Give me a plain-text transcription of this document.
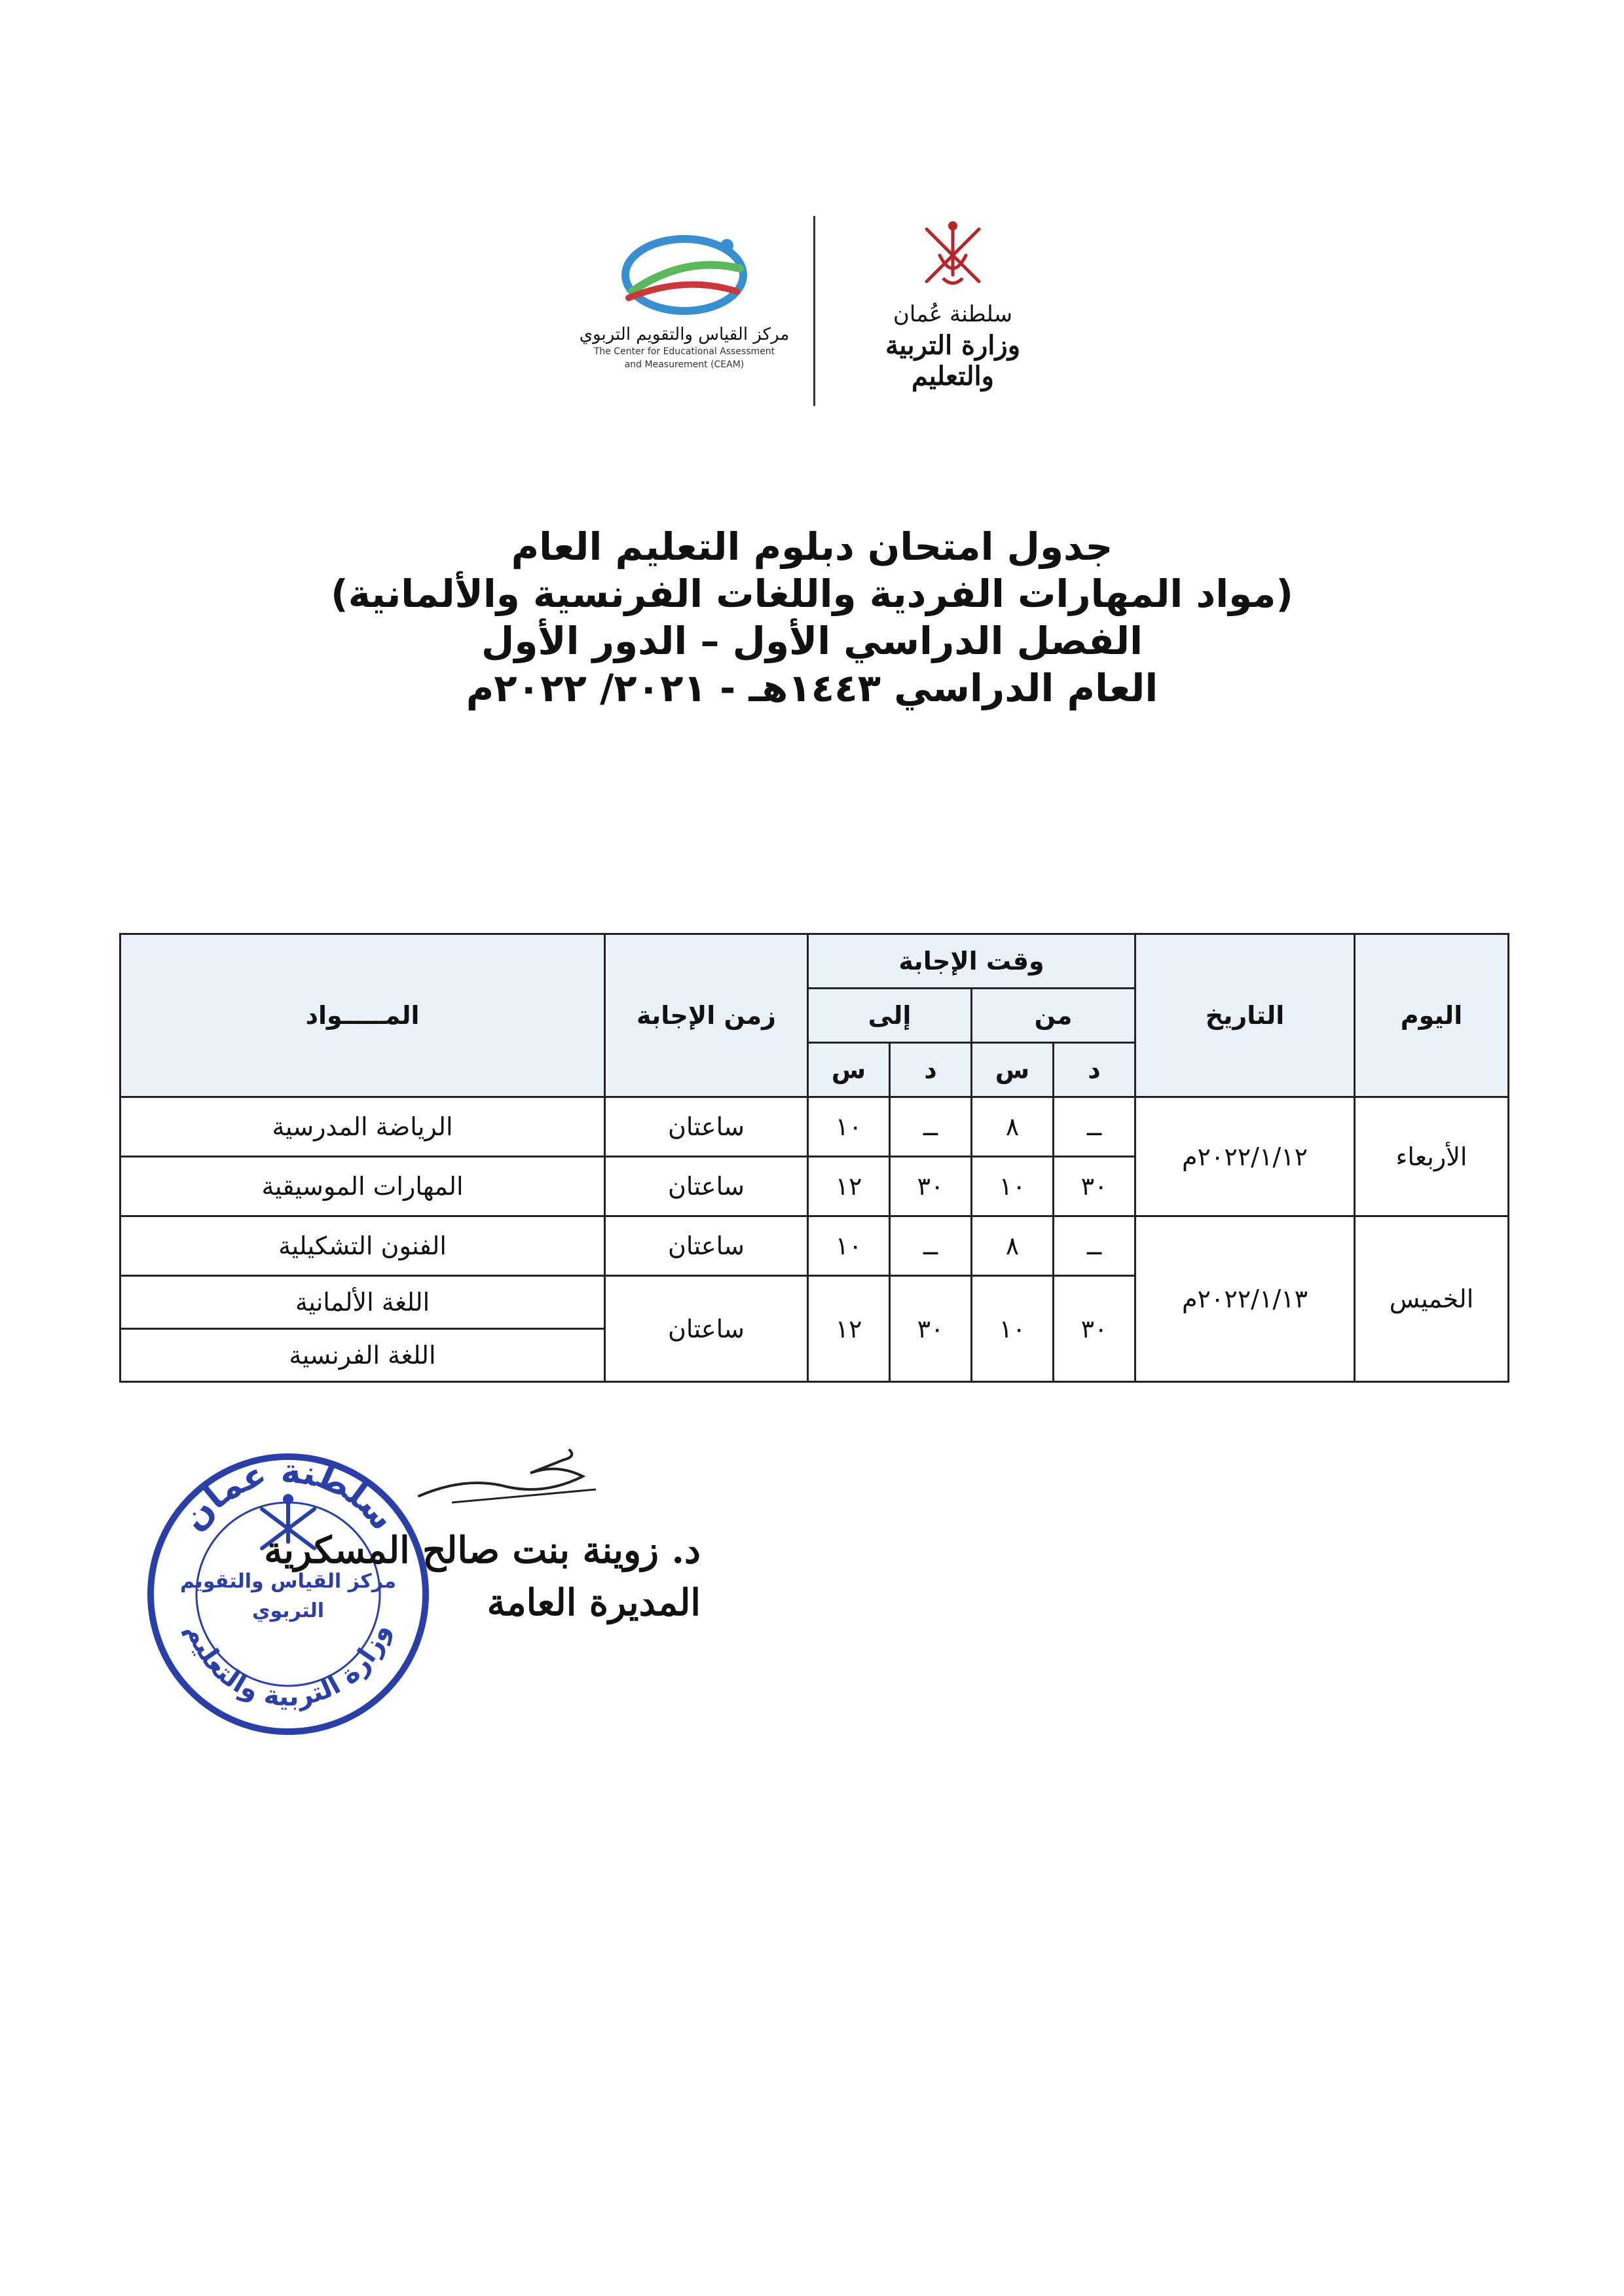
سلطنة عُمان
وزارة التربية والتعليم
مركز القياس والتقويم التربوي
The Center for Educational Assessment
and Measurement (CEAM)
جدول امتحان دبلوم التعليم العام
(مواد المهارات الفردية واللغات الفرنسية والألمانية)
الفصل الدراسي الأول – الدور الأول
العام الدراسي ١٤٤٣هـ - ٢٠٢١/ ٢٠٢٢م
اليوم	التاريخ	وقت الإجابة				زمن الإجابة	المـــــواد
		من		إلى			
		د	س	د	س		
الأربعاء	٢٠٢٢/١/١٢م	ــ	٨	ــ	١٠	ساعتان	الرياضة المدرسية
		٣٠	١٠	٣٠	١٢	ساعتان	المهارات الموسيقية
الخميس	٢٠٢٢/١/١٣م	ــ	٨	ــ	١٠	ساعتان	الفنون التشكيلية
		٣٠	١٠	٣٠	١٢	ساعتان	اللغة الألمانية
							اللغة الفرنسية
سلطنة عمان
وزارة التربية والتعليم
مركز القياس والتقويم
التربوي
د. زوينة بنت صالح المسكرية
المديرة العامة
